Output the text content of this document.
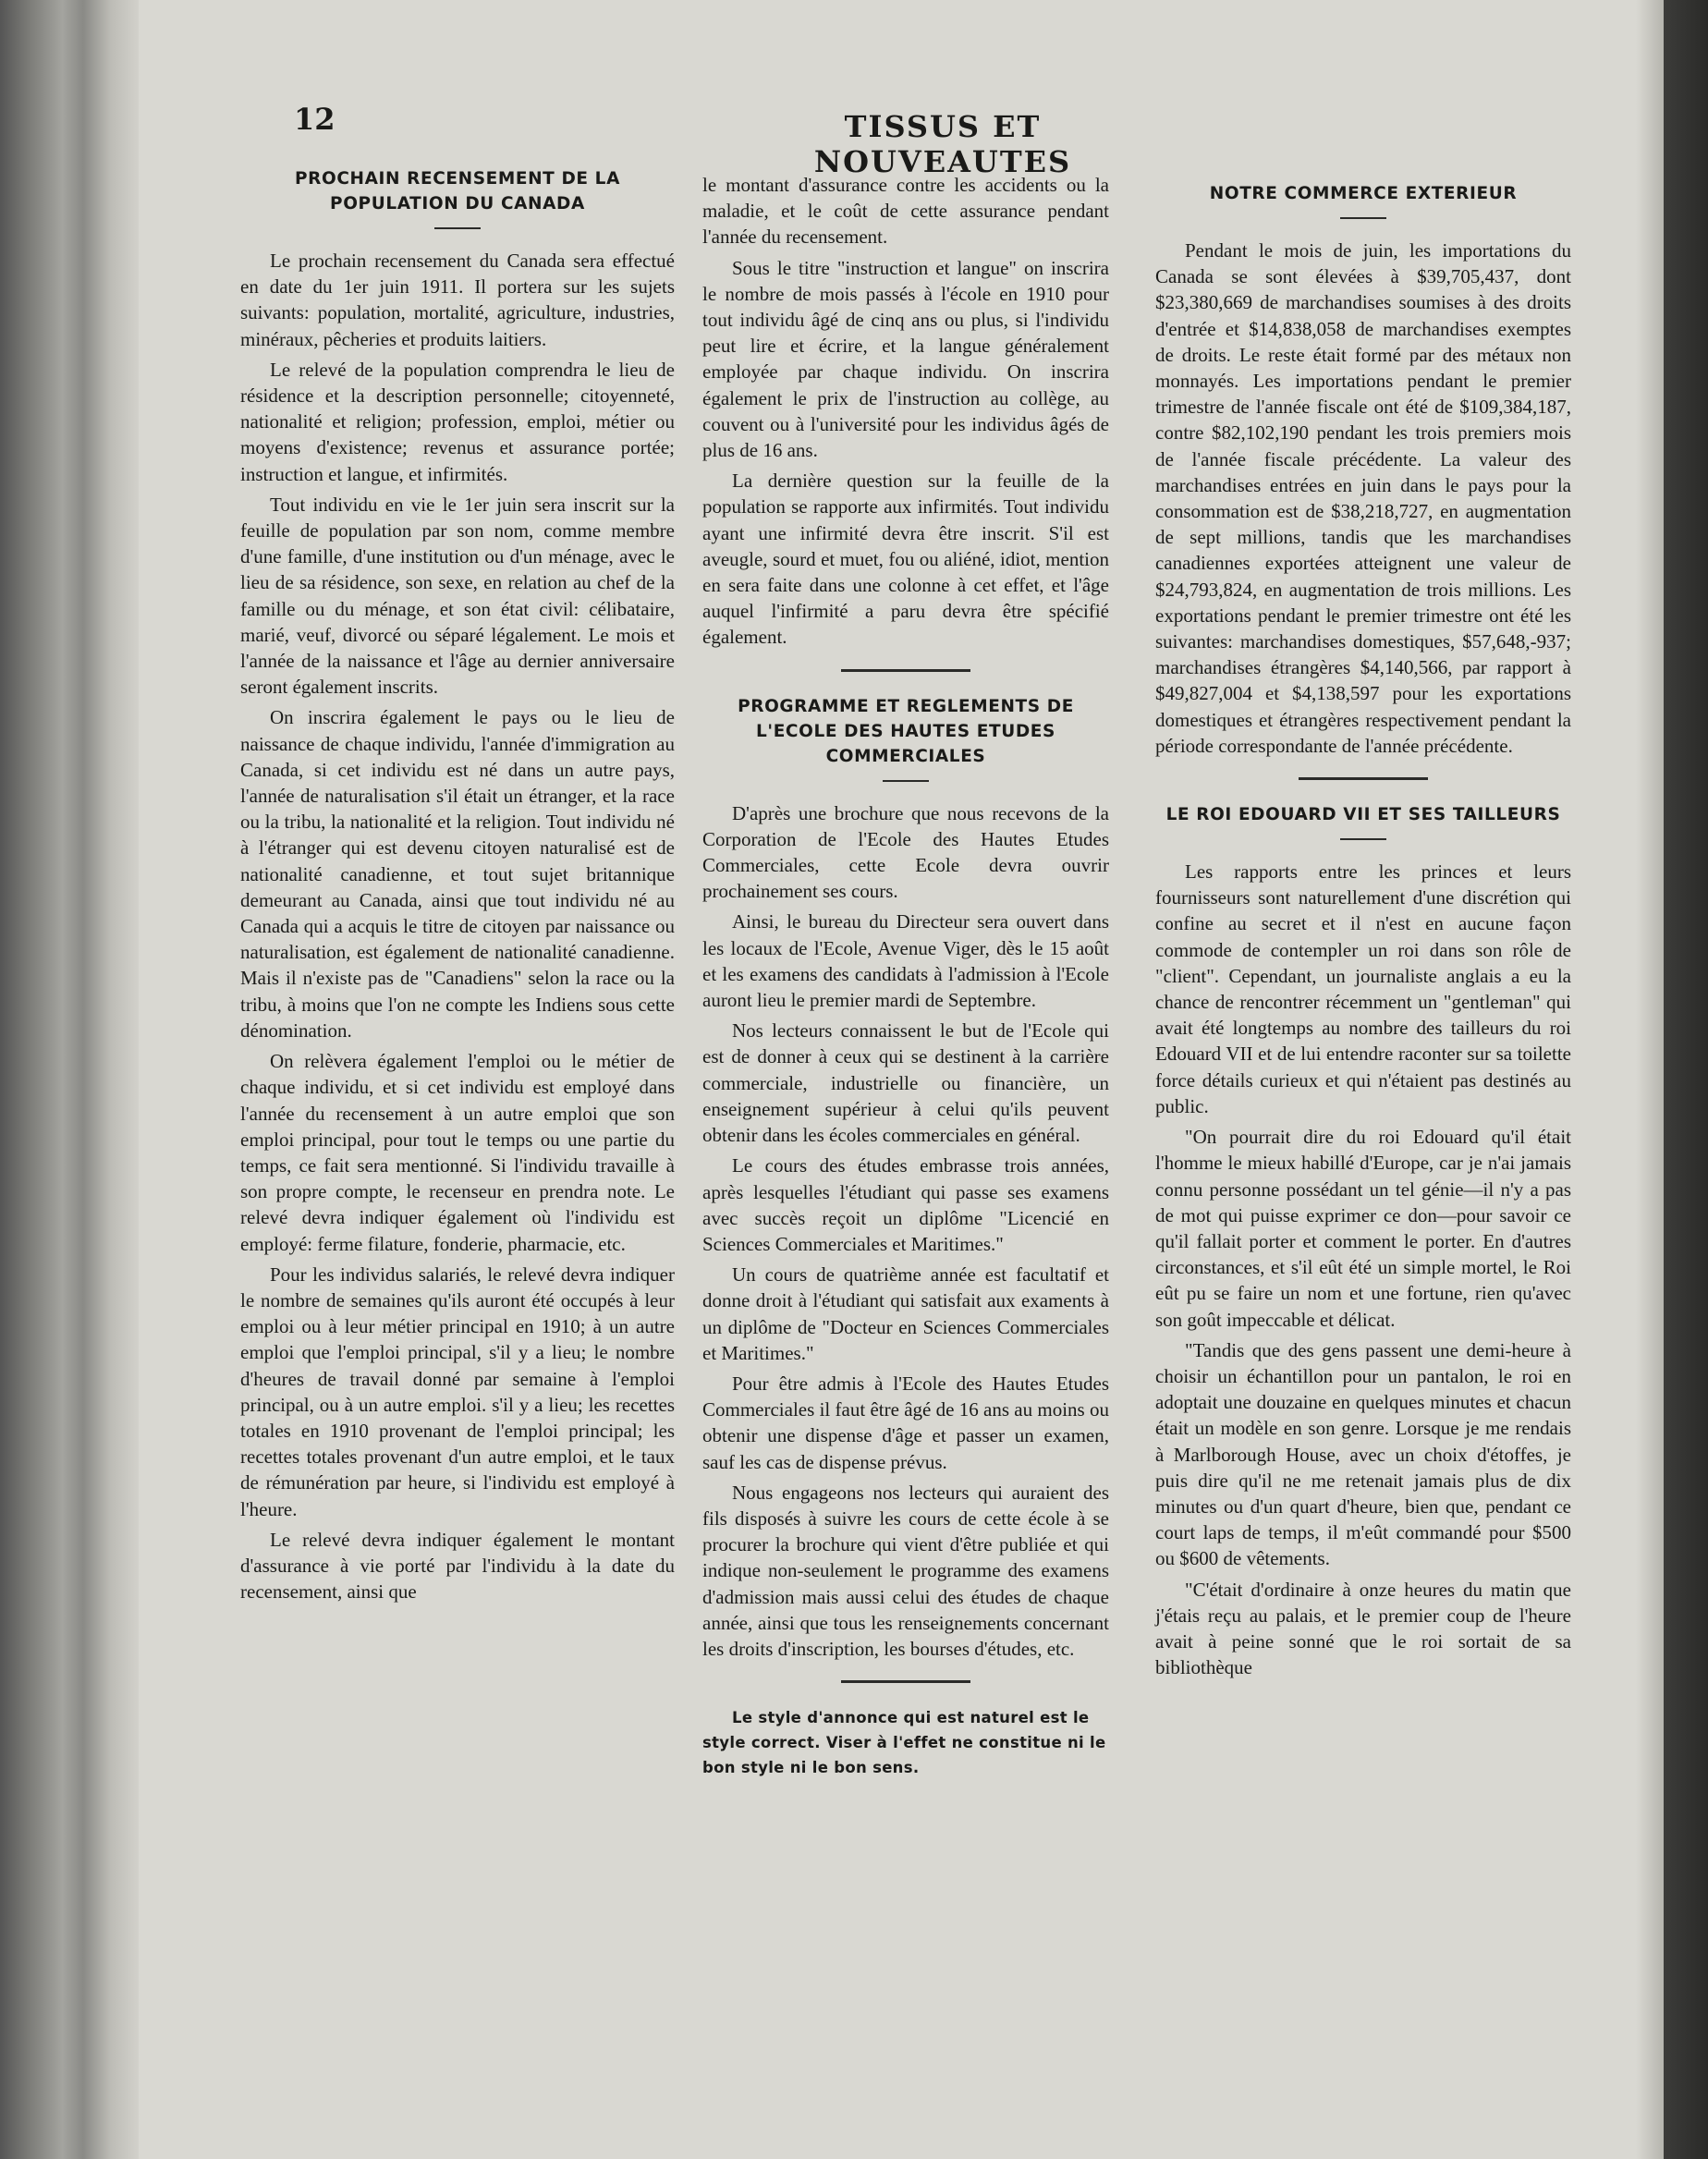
12	TISSUS ET NOUVEAUTES
PROCHAIN RECENSEMENT DE LA POPULATION DU CANADA

Le prochain recensement du Canada sera effectué en date du 1er juin 1911. Il portera sur les sujets suivants: population, mortalité, agriculture, industries, minéraux, pêcheries et produits laitiers.

Le relevé de la population comprendra le lieu de résidence et la description personnelle; citoyenneté, nationalité et religion; profession, emploi, métier ou moyens d'existence; revenus et assurance portée; instruction et langue, et infirmités.

Tout individu en vie le 1er juin sera inscrit sur la feuille de population par son nom, comme membre d'une famille, d'une institution ou d'un ménage, avec le lieu de sa résidence, son sexe, en relation au chef de la famille ou du ménage, et son état civil: célibataire, marié, veuf, divorcé ou séparé légalement. Le mois et l'année de la naissance et l'âge au dernier anniversaire seront également inscrits.

On inscrira également le pays ou le lieu de naissance de chaque individu, l'année d'immigration au Canada, si cet individu est né dans un autre pays, l'année de naturalisation s'il était un étranger, et la race ou la tribu, la nationalité et la religion. Tout individu né à l'étranger qui est devenu citoyen naturalisé est de nationalité canadienne, et tout sujet britannique demeurant au Canada, ainsi que tout individu né au Canada qui a acquis le titre de citoyen par naissance ou naturalisation, est également de nationalité canadienne. Mais il n'existe pas de "Canadiens" selon la race ou la tribu, à moins que l'on ne compte les Indiens sous cette dénomination.

On relèvera également l'emploi ou le métier de chaque individu, et si cet individu est employé dans l'année du recensement à un autre emploi que son emploi principal, pour tout le temps ou une partie du temps, ce fait sera mentionné. Si l'individu travaille à son propre compte, le recenseur en prendra note. Le relevé devra indiquer également où l'individu est employé: ferme filature, fonderie, pharmacie, etc.

Pour les individus salariés, le relevé devra indiquer le nombre de semaines qu'ils auront été occupés à leur emploi ou à leur métier principal en 1910; à un autre emploi que l'emploi principal, s'il y a lieu; le nombre d'heures de travail donné par semaine à l'emploi principal, ou à un autre emploi. s'il y a lieu; les recettes totales en 1910 provenant de l'emploi principal; les recettes totales provenant d'un autre emploi, et le taux de rémunération par heure, si l'individu est employé à l'heure.

Le relevé devra indiquer également le montant d'assurance à vie porté par l'individu à la date du recensement, ainsi que

le montant d'assurance contre les accidents ou la maladie, et le coût de cette assurance pendant l'année du recensement.

Sous le titre "instruction et langue" on inscrira le nombre de mois passés à l'école en 1910 pour tout individu âgé de cinq ans ou plus, si l'individu peut lire et écrire, et la langue généralement employée par chaque individu. On inscrira également le prix de l'instruction au collège, au couvent ou à l'université pour les individus âgés de plus de 16 ans.

La dernière question sur la feuille de la population se rapporte aux infirmités. Tout individu ayant une infirmité devra être inscrit. S'il est aveugle, sourd et muet, fou ou aliéné, idiot, mention en sera faite dans une colonne à cet effet, et l'âge auquel l'infirmité a paru devra être spécifié également.

PROGRAMME ET REGLEMENTS DE L'ECOLE DES HAUTES ETUDES COMMERCIALES

D'après une brochure que nous recevons de la Corporation de l'Ecole des Hautes Etudes Commerciales, cette Ecole devra ouvrir prochainement ses cours.

Ainsi, le bureau du Directeur sera ouvert dans les locaux de l'Ecole, Avenue Viger, dès le 15 août et les examens des candidats à l'admission à l'Ecole auront lieu le premier mardi de Septembre.

Nos lecteurs connaissent le but de l'Ecole qui est de donner à ceux qui se destinent à la carrière commerciale, industrielle ou financière, un enseignement supérieur à celui qu'ils peuvent obtenir dans les écoles commerciales en général.

Le cours des études embrasse trois années, après lesquelles l'étudiant qui passe ses examens avec succès reçoit un diplôme "Licencié en Sciences Commerciales et Maritimes."

Un cours de quatrième année est facultatif et donne droit à l'étudiant qui satisfait aux examents à un diplôme de "Docteur en Sciences Commerciales et Maritimes."

Pour être admis à l'Ecole des Hautes Etudes Commerciales il faut être âgé de 16 ans au moins ou obtenir une dispense d'âge et passer un examen, sauf les cas de dispense prévus.

Nous engageons nos lecteurs qui auraient des fils disposés à suivre les cours de cette école à se procurer la brochure qui vient d'être publiée et qui indique non-seulement le programme des examens d'admission mais aussi celui des études de chaque année, ainsi que tous les renseignements concernant les droits d'inscription, les bourses d'études, etc.

Le style d'annonce qui est naturel est le style correct. Viser à l'effet ne constitue ni le bon style ni le bon sens.

NOTRE COMMERCE EXTERIEUR

Pendant le mois de juin, les importations du Canada se sont élevées à $39,705,437, dont $23,380,669 de marchandises soumises à des droits d'entrée et $14,838,058 de marchandises exemptes de droits. Le reste était formé par des métaux non monnayés. Les importations pendant le premier trimestre de l'année fiscale ont été de $109,384,187, contre $82,102,190 pendant les trois premiers mois de l'année fiscale précédente. La valeur des marchandises entrées en juin dans le pays pour la consommation est de $38,218,727, en augmentation de sept millions, tandis que les marchandises canadiennes exportées atteignent une valeur de $24,793,824, en augmentation de trois millions. Les exportations pendant le premier trimestre ont été les suivantes: marchandises domestiques, $57,648,-937; marchandises étrangères $4,140,566, par rapport à $49,827,004 et $4,138,597 pour les exportations domestiques et étrangères respectivement pendant la période correspondante de l'année précédente.

LE ROI EDOUARD VII ET SES TAILLEURS

Les rapports entre les princes et leurs fournisseurs sont naturellement d'une discrétion qui confine au secret et il n'est en aucune façon commode de contempler un roi dans son rôle de "client". Cependant, un journaliste anglais a eu la chance de rencontrer récemment un "gentleman" qui avait été longtemps au nombre des tailleurs du roi Edouard VII et de lui entendre raconter sur sa toilette force détails curieux et qui n'étaient pas destinés au public.

"On pourrait dire du roi Edouard qu'il était l'homme le mieux habillé d'Europe, car je n'ai jamais connu personne possédant un tel génie—il n'y a pas de mot qui puisse exprimer ce don—pour savoir ce qu'il fallait porter et comment le porter. En d'autres circonstances, et s'il eût été un simple mortel, le Roi eût pu se faire un nom et une fortune, rien qu'avec son goût impeccable et délicat.

"Tandis que des gens passent une demi-heure à choisir un échantillon pour un pantalon, le roi en adoptait une douzaine en quelques minutes et chacun était un modèle en son genre. Lorsque je me rendais à Marlborough House, avec un choix d'étoffes, je puis dire qu'il ne me retenait jamais plus de dix minutes ou d'un quart d'heure, bien que, pendant ce court laps de temps, il m'eût commandé pour $500 ou $600 de vêtements.

"C'était d'ordinaire à onze heures du matin que j'étais reçu au palais, et le premier coup de l'heure avait à peine sonné que le roi sortait de sa bibliothèque
